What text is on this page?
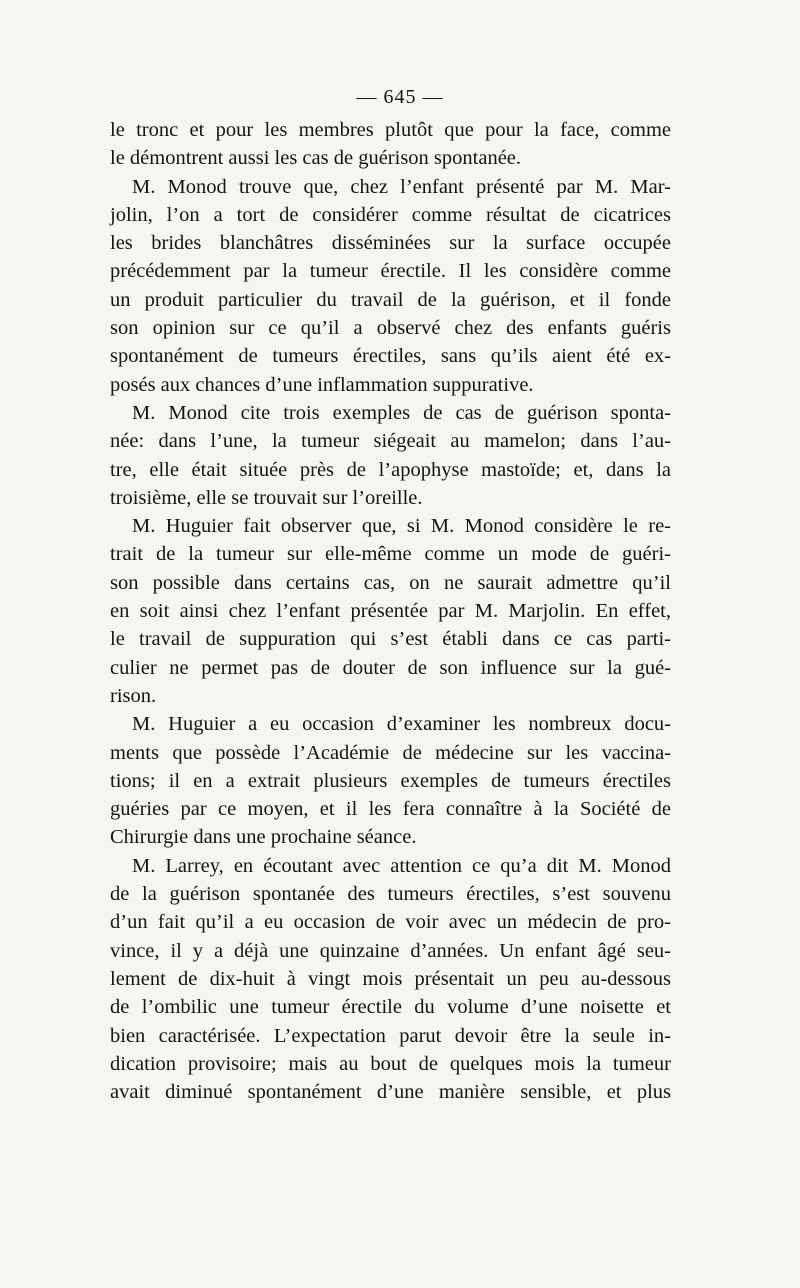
— 645 —
le tronc et pour les membres plutôt que pour la face, comme
le démontrent aussi les cas de guérison spontanée.
M. Monod trouve que, chez l’enfant présenté par M. Mar-
jolin, l’on a tort de considérer comme résultat de cicatrices
les brides blanchâtres disséminées sur la surface occupée
précédemment par la tumeur érectile. Il les considère comme
un produit particulier du travail de la guérison, et il fonde
son opinion sur ce qu’il a observé chez des enfants guéris
spontanément de tumeurs érectiles, sans qu’ils aient été ex-
posés aux chances d’une inflammation suppurative.
M. Monod cite trois exemples de cas de guérison sponta-
née: dans l’une, la tumeur siégeait au mamelon; dans l’au-
tre, elle était située près de l’apophyse mastoïde; et, dans la
troisième, elle se trouvait sur l’oreille.
M. Huguier fait observer que, si M. Monod considère le re-
trait de la tumeur sur elle-même comme un mode de guéri-
son possible dans certains cas, on ne saurait admettre qu’il
en soit ainsi chez l’enfant présentée par M. Marjolin. En effet,
le travail de suppuration qui s’est établi dans ce cas parti-
culier ne permet pas de douter de son influence sur la gué-
rison.
M. Huguier a eu occasion d’examiner les nombreux docu-
ments que possède l’Académie de médecine sur les vaccina-
tions; il en a extrait plusieurs exemples de tumeurs érectiles
guéries par ce moyen, et il les fera connaître à la Société de
Chirurgie dans une prochaine séance.
M. Larrey, en écoutant avec attention ce qu’a dit M. Monod
de la guérison spontanée des tumeurs érectiles, s’est souvenu
d’un fait qu’il a eu occasion de voir avec un médecin de pro-
vince, il y a déjà une quinzaine d’années. Un enfant âgé seu-
lement de dix-huit à vingt mois présentait un peu au-dessous
de l’ombilic une tumeur érectile du volume d’une noisette et
bien caractérisée. L’expectation parut devoir être la seule in-
dication provisoire; mais au bout de quelques mois la tumeur
avait diminué spontanément d’une manière sensible, et plus
